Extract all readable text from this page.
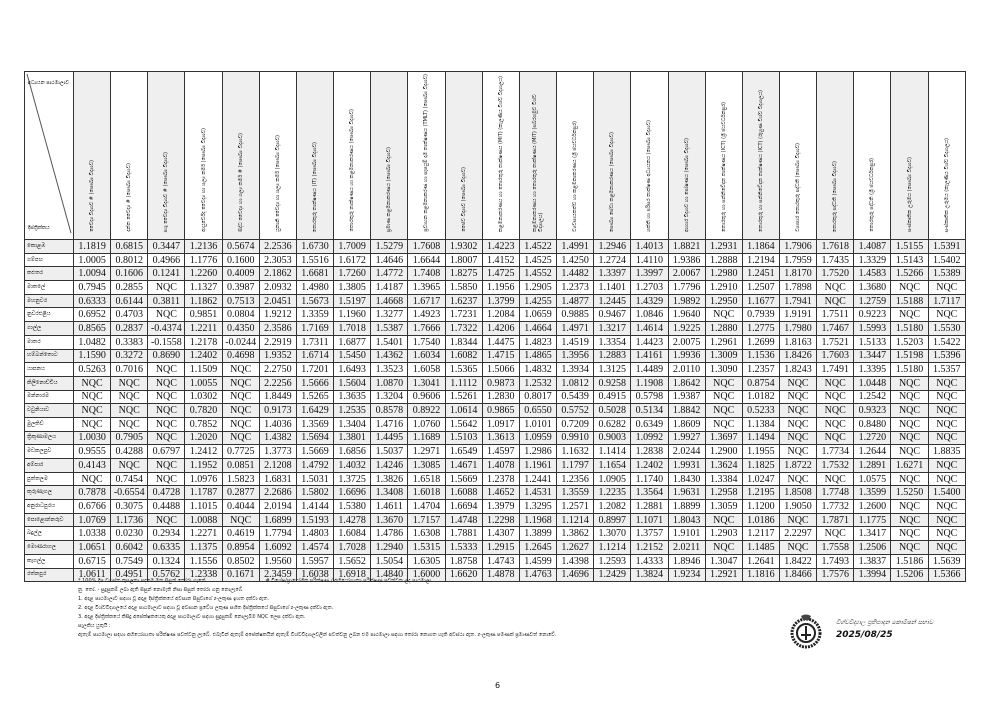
අධ්‍යයන පාඨමාලාව
දිස්ත්‍රික්කය	වෛද්‍ය විද්‍යාව # (සෞඛ්‍ය විද්‍යාව)	දන්ත වෛද්‍ය # (සෞඛ්‍ය විද්‍යාව)	පශු වෛද්‍ය විද්‍යාව # (සෞඛ්‍ය විද්‍යාව)	ආයුර්වේද වෛද්‍ය හා ශල්‍ය කර්ම (සෞඛ්‍ය විද්‍යාව)	සිද්ධ වෛද්‍ය හා ශල්‍ය කර්ම # (සෞඛ්‍ය විද්‍යාව)	යුනානි වෛද්‍ය හා ශල්‍ය කර්ම (සෞඛ්‍ය විද්‍යාව)	තොරතුරු තාක්ෂණය (IT) (සෞඛ්‍ය විද්‍යාව)	තොරතුරු තාක්ෂණය හා කළමනාකරණය (සෞඛ්‍ය විද්‍යාව)	ප්‍රමාණ කළමනාකරණය (සෞඛ්‍ය විද්‍යාව)	ප්‍රවාහන කළමනාකරණ හා සැපයුම් දාම තාක්ෂණය (TMLT) (සෞඛ්‍ය විද්‍යාව)	ජෛව විද්‍යාව (සෞඛ්‍ය විද්‍යාව)	කළමනාකරණය හා තොරතුරු තාක්ෂණය (MIT) (කැලණිය විශ්ව විද්‍යාලය)	කළමනාකරණය හා තොරතුරු තාක්ෂණය (MIT) (සබරගමුව විශ්ව විද්‍යාලය)	ව්‍යවසායකත්ව හා කළමනාකරණය (ශ්‍රී ජයවර්ධනපුර)	සෞඛ්‍ය සේවා කළමනාකරණය (සෞඛ්‍ය විද්‍යාව)	ශක්ති හා පරිසර තාක්ෂණ අධ්‍යයනය (සෞඛ්‍ය විද්‍යාව)	ආහාර විද්‍යාව හා පෝෂණය (සෞඛ්‍ය විද්‍යාව)	තොරතුරු හා සන්නිවේදන තාක්ෂණය (ICT) (ශ්‍රී ජයවර්ධනපුර)	තොරතුරු හා සන්නිවේදන තාක්ෂණය (ICT) (රුහුණ විශ්ව විද්‍යාලය)	ව්‍යාපාර තොරතුරු පද්ධති (සෞඛ්‍ය විද්‍යාව)	තොරතුරු පද්ධති (සෞඛ්‍ය විද්‍යාව)	තොරතුරු පද්ධති (ශ්‍රී ජයවර්ධනපුර)	සංස්කෘතික උරුමය (සෞඛ්‍ය විද්‍යාව)	සංස්කෘතික උරුමය (කැලණිය විශ්ව විද්‍යාලය)
කොළඹ	1.1819	0.6815	0.3447	1.2136	0.5674	2.2536	1.6730	1.7009	1.5279	1.7608	1.9302	1.4223	1.4522	1.4991	1.2946	1.4013	1.8821	1.2931	1.1864	1.7906	1.7618	1.4087	1.5155	1.5391
ගම්පහ	1.0005	0.8012	0.4966	1.1776	0.1600	2.3053	1.5516	1.6172	1.4646	1.6644	1.8007	1.4152	1.4525	1.4250	1.2724	1.4110	1.9386	1.2888	1.2194	1.7959	1.7435	1.3329	1.5143	1.5402
කළුතර	1.0094	0.1606	0.1241	1.2260	0.4009	2.1862	1.6681	1.7260	1.4772	1.7408	1.8275	1.4725	1.4552	1.4482	1.3397	1.3997	2.0067	1.2980	1.2451	1.8170	1.7520	1.4583	1.5266	1.5389
මාතලේ	0.7945	0.2855	NQC	1.1327	0.3987	2.0932	1.4980	1.3805	1.4187	1.3965	1.5850	1.1956	1.2905	1.2373	1.1401	1.2703	1.7796	1.2910	1.2507	1.7898	NQC	1.3680	NQC	NQC
මහනුවර	0.6333	0.6144	0.3811	1.1862	0.7513	2.0451	1.5673	1.5197	1.4668	1.6717	1.6237	1.3799	1.4255	1.4877	1.2445	1.4329	1.9892	1.2950	1.1677	1.7941	NQC	1.2759	1.5188	1.7117
නුවරඑළිය	0.6952	0.4703	NQC	0.9851	0.0804	1.9212	1.3359	1.1960	1.3277	1.4923	1.7231	1.2084	1.0659	0.9885	0.9467	1.0846	1.9640	NQC	0.7939	1.9191	1.7511	0.9223	NQC	NQC
ගාල්ල	0.8565	0.2837	-0.4374	1.2211	0.4350	2.3586	1.7169	1.7018	1.5387	1.7666	1.7322	1.4206	1.4664	1.4971	1.3217	1.4614	1.9225	1.2880	1.2775	1.7980	1.7467	1.5993	1.5180	1.5530
මාතර	1.0482	0.3383	-0.1558	1.2178	-0.0244	2.2919	1.7311	1.6877	1.5401	1.7540	1.8344	1.4475	1.4823	1.4519	1.3354	1.4423	2.0075	1.2961	1.2699	1.8163	1.7521	1.5133	1.5203	1.5422
හම්බන්තොට	1.1590	0.3272	0.8690	1.2402	0.4698	1.9352	1.6714	1.5450	1.4362	1.6034	1.6082	1.4715	1.4865	1.3956	1.2883	1.4161	1.9936	1.3009	1.1536	1.8426	1.7603	1.3447	1.5198	1.5396
යාපනය	0.5263	0.7016	NQC	1.1509	NQC	2.2750	1.7201	1.6493	1.3523	1.6058	1.5365	1.5066	1.4832	1.3934	1.3125	1.4489	2.0110	1.3090	1.2357	1.8243	1.7491	1.3395	1.5180	1.5357
කිලිනොච්චිය	NQC	NQC	NQC	1.0055	NQC	2.2256	1.5666	1.5604	1.0870	1.3041	1.1112	0.9873	1.2532	1.0812	0.9258	1.1908	1.8642	NQC	0.8754	NQC	NQC	1.0448	NQC	NQC
මන්නාරම	NQC	NQC	NQC	1.0302	NQC	1.8449	1.5265	1.3635	1.3204	0.9606	1.5261	1.2830	0.8017	0.5439	0.4915	0.5798	1.9387	NQC	1.0182	NQC	NQC	1.2542	NQC	NQC
වවුනියාව	NQC	NQC	NQC	0.7820	NQC	0.9173	1.6429	1.2535	0.8578	0.8922	1.0614	0.9865	0.6550	0.5752	0.5028	0.5134	1.8842	NQC	0.5233	NQC	NQC	0.9323	NQC	NQC
මුලතිව්	NQC	NQC	NQC	0.7852	NQC	1.4036	1.3569	1.3404	1.4716	1.0760	1.5642	1.0917	1.0101	0.7209	0.6282	0.6349	1.8609	NQC	1.1384	NQC	NQC	0.8480	NQC	NQC
ත්‍රිකුණාමලය	1.0030	0.7905	NQC	1.2020	NQC	1.4382	1.5694	1.3801	1.4495	1.1689	1.5103	1.3613	1.0959	0.9910	0.9003	1.0992	1.9927	1.3697	1.1494	NQC	NQC	1.2720	NQC	NQC
මඩකලපුව	0.9555	0.4288	0.6797	1.2412	0.7725	1.3773	1.5669	1.6856	1.5037	1.2971	1.6549	1.4597	1.2986	1.1632	1.1414	1.2838	2.0244	1.2900	1.1955	NQC	1.7734	1.2644	NQC	1.8835
අම්පාර	0.4143	NQC	NQC	1.1952	0.0851	2.1208	1.4792	1.4032	1.4246	1.3085	1.4671	1.4078	1.1961	1.1797	1.1654	1.2402	1.9931	1.3624	1.1825	1.8722	1.7532	1.2891	1.6271	NQC
පුත්තලම	NQC	0.7454	NQC	1.0976	1.5823	1.6831	1.5031	1.3725	1.3826	1.6518	1.5669	1.2378	1.2441	1.2356	1.0905	1.1740	1.8430	1.3384	1.0247	NQC	NQC	1.0575	NQC	NQC
කුරුණෑගල	0.7878	-0.6554	0.4728	1.1787	0.2877	2.2686	1.5802	1.6696	1.3408	1.6018	1.6088	1.4652	1.4531	1.3559	1.2235	1.3564	1.9631	1.2958	1.2195	1.8508	1.7748	1.3599	1.5250	1.5400
අනුරාධපුරය	0.6766	0.3075	0.4488	1.1015	0.4044	2.0194	1.4144	1.5380	1.4611	1.4704	1.6694	1.3979	1.3295	1.2571	1.2082	1.2881	1.8899	1.3059	1.1200	1.9050	1.7732	1.2600	NQC	NQC
පොළොන්නරුව	1.0769	1.1736	NQC	1.0088	NQC	1.6899	1.5193	1.4278	1.3670	1.7157	1.4748	1.2298	1.1968	1.1214	0.8997	1.1071	1.8043	NQC	1.0186	NQC	1.7871	1.1775	NQC	NQC
බදුල්ල	1.0338	0.0230	0.2934	1.2271	0.4619	1.7794	1.4803	1.6084	1.4786	1.6308	1.7881	1.4307	1.3899	1.3862	1.3070	1.3757	1.9101	1.2903	1.2117	2.2297	NQC	1.3417	NQC	NQC
මොණරාගල	1.0651	0.6042	0.6335	1.1375	0.8954	1.6092	1.4574	1.7028	1.2940	1.5315	1.5333	1.2915	1.2645	1.2627	1.1214	1.2152	2.0211	NQC	1.1485	NQC	1.7558	1.2506	NQC	NQC
කෑගල්ල	0.6715	0.7549	0.1324	1.1556	0.8502	1.9560	1.5957	1.5652	1.5054	1.6305	1.8758	1.4743	1.4599	1.4398	1.2593	1.4333	1.8946	1.3047	1.2641	1.8422	1.7493	1.3837	1.5186	1.5639
රත්නපුර	1.0611	0.4951	0.5762	1.2338	0.1671	2.3459	1.6038	1.6918	1.4840	1.6000	1.6620	1.4878	1.4763	1.4696	1.2429	1.3824	1.9234	1.2921	1.1816	1.8466	1.7576	1.3994	1.5206	1.5366
* 100% දීප ව්‍යාප්ත කුසලතා පදනම මත සිසුන් තෝරා ගැනේ	# විශේෂ/ප්‍රායෝගික පරීක්ෂණ / අභියෝග්‍යතා පරීක්ෂණ පවත්වන ලද පාඨමාලා
නු. තෝ. - සුදුසුකම් ලබා ඇති සිසුන් නොමැති නිසා සිසුන් තෝරා ගනු නොලැබේ
1. අදාළ පාඨමාලාව සඳහා වූ අදාළ දිස්ත්‍රික්කයේ අවසාන සිසුවාගේ z-ලකුණ ඉහත දක්වා ඇත.
2. අදාළ විශ්වවිද්‍යාලයේ අදාළ පාඨමාලාව සඳහා වූ අවසාන ප්‍රවේශ ලකුණ සහිත දිස්ත්‍රික්කයේ සිසුවාගේ z-ලකුණ දක්වා ඇත.
3. අදාළ දිස්ත්‍රික්කයේ කිසිදු අපේක්ෂකයෙකු අදාළ පාඨමාලාව සඳහා සුදුසුකම් නොලැබීම NQC ලෙස දක්වා ඇත.
සැලකිය යුතුයි :
ඇතැම් පාඨමාලා සඳහා අභියෝග්‍යතා පරීක්ෂණ පවත්වනු ලැබේ. එබැවින් ඇතැම් අපේක්ෂකයින් ඇතැම් විශ්වවිද්‍යාලවලින් පවත්වනු ලබන එම පාඨමාලා සඳහා තෝරා නොගත හැකි අවස්ථා ඇත. z-ලකුණ පමණක් ප්‍රමාණවත් නොවේ.
විශ්වවිද්‍යාල ප්‍රතිපාදන කොමිෂන් සභාව
2025/08/25
6
